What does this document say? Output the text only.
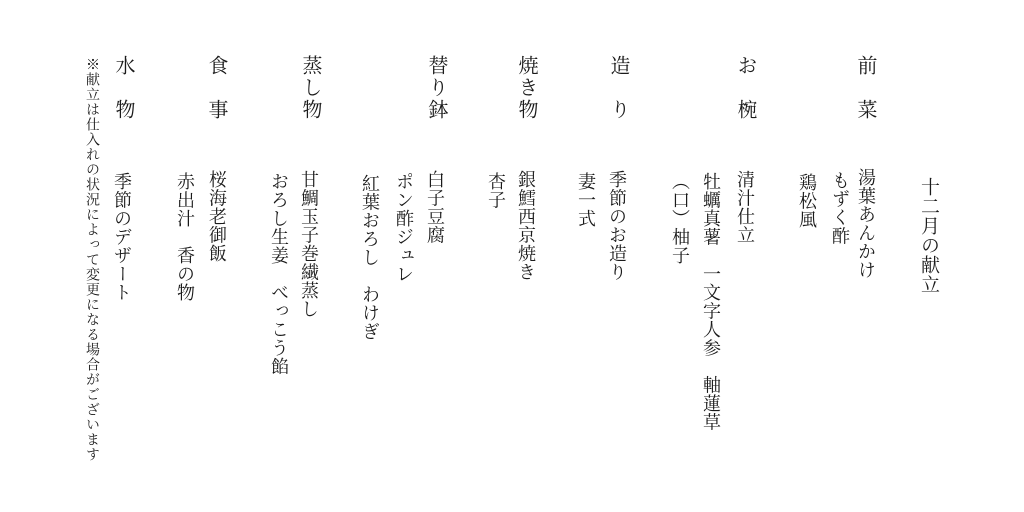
十二月の献立
前　菜
湯葉あんかけ
もずく酢
鶏松風
お　椀
清汁仕立
牡蠣真薯　一文字人参　軸蓮草
（口）柚子
造　り
季節のお造り
妻一式
焼き物
銀鱈西京焼き
杏子
替り鉢
白子豆腐
ポン酢ジュレ
紅葉おろし　わけぎ
蒸し物
甘鯛玉子巻繊蒸し
おろし生姜　べっこう餡
食　事
桜海老御飯
赤出汁　香の物
水　物
季節のデザート
※献立は仕入れの状況によって変更になる場合がございます
